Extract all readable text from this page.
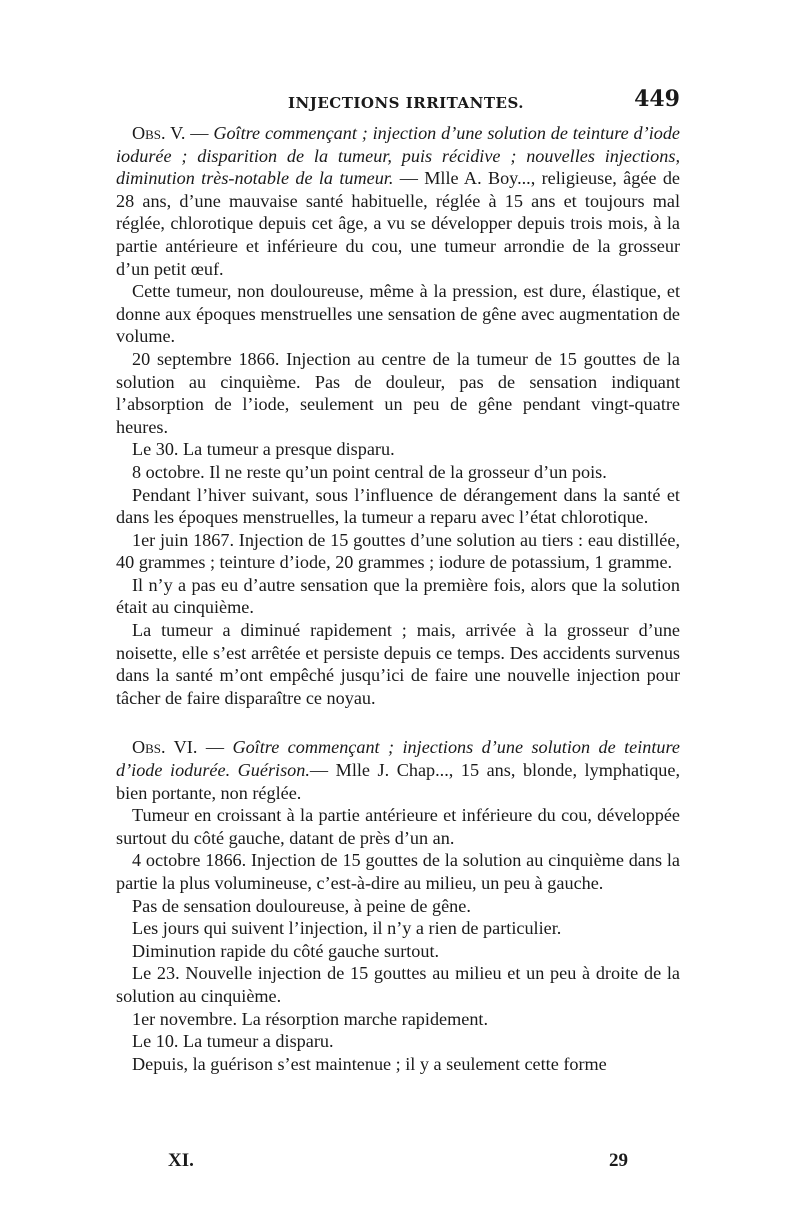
INJECTIONS IRRITANTES.	449

Obs. V. — Goître commençant ; injection d’une solution de teinture d’iode iodurée ; disparition de la tumeur, puis récidive ; nouvelles injections, diminution très-notable de la tumeur. — Mlle A. Boy..., religieuse, âgée de 28 ans, d’une mauvaise santé habituelle, réglée à 15 ans et toujours mal réglée, chlorotique depuis cet âge, a vu se développer depuis trois mois, à la partie antérieure et inférieure du cou, une tumeur arrondie de la grosseur d’un petit œuf.

Cette tumeur, non douloureuse, même à la pression, est dure, élastique, et donne aux époques menstruelles une sensation de gêne avec augmentation de volume.

20 septembre 1866. Injection au centre de la tumeur de 15 gouttes de la solution au cinquième. Pas de douleur, pas de sensation indiquant l’absorption de l’iode, seulement un peu de gêne pendant vingt-quatre heures.

Le 30. La tumeur a presque disparu.

8 octobre. Il ne reste qu’un point central de la grosseur d’un pois.

Pendant l’hiver suivant, sous l’influence de dérangement dans la santé et dans les époques menstruelles, la tumeur a reparu avec l’état chlorotique.

1er juin 1867. Injection de 15 gouttes d’une solution au tiers : eau distillée, 40 grammes ; teinture d’iode, 20 grammes ; iodure de potassium, 1 gramme.

Il n’y a pas eu d’autre sensation que la première fois, alors que la solution était au cinquième.

La tumeur a diminué rapidement ; mais, arrivée à la grosseur d’une noisette, elle s’est arrêtée et persiste depuis ce temps. Des accidents survenus dans la santé m’ont empêché jusqu’ici de faire une nouvelle injection pour tâcher de faire disparaître ce noyau.

Obs. VI. — Goître commençant ; injections d’une solution de teinture d’iode iodurée. Guérison.— Mlle J. Chap..., 15 ans, blonde, lymphatique, bien portante, non réglée.

Tumeur en croissant à la partie antérieure et inférieure du cou, développée surtout du côté gauche, datant de près d’un an.

4 octobre 1866. Injection de 15 gouttes de la solution au cinquième dans la partie la plus volumineuse, c’est-à-dire au milieu, un peu à gauche.

Pas de sensation douloureuse, à peine de gêne.

Les jours qui suivent l’injection, il n’y a rien de particulier.

Diminution rapide du côté gauche surtout.

Le 23. Nouvelle injection de 15 gouttes au milieu et un peu à droite de la solution au cinquième.

1er novembre. La résorption marche rapidement.

Le 10. La tumeur a disparu.

Depuis, la guérison s’est maintenue ; il y a seulement cette forme

XI.	29
